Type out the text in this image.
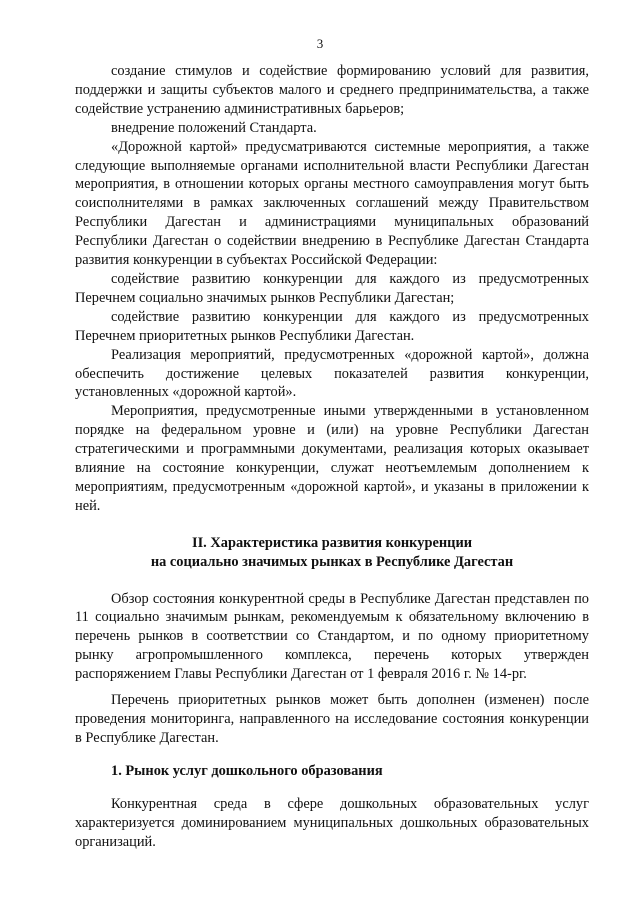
3

создание стимулов и содействие формированию условий для развития, поддержки и защиты субъектов малого и среднего предпринимательства, а также содействие устранению административных барьеров;

внедрение положений Стандарта.

«Дорожной картой» предусматриваются системные мероприятия, а также следующие выполняемые органами исполнительной власти Республики Дагестан мероприятия, в отношении которых органы местного самоуправления могут быть соисполнителями в рамках заключенных соглашений между Правительством Республики Дагестан и администрациями муниципальных образований Республики Дагестан о содействии внедрению в Республике Дагестан Стандарта развития конкуренции в субъектах Российской Федерации:

содействие развитию конкуренции для каждого из предусмотренных Перечнем социально значимых рынков Республики Дагестан;

содействие развитию конкуренции для каждого из предусмотренных Перечнем приоритетных рынков Республики Дагестан.

Реализация мероприятий, предусмотренных «дорожной картой», должна обеспечить достижение целевых показателей развития конкуренции, установленных «дорожной картой».

Мероприятия, предусмотренные иными утвержденными в установленном порядке на федеральном уровне и (или) на уровне Республики Дагестан стратегическими и программными документами, реализация которых оказывает влияние на состояние конкуренции, служат неотъемлемым дополнением к мероприятиям, предусмотренным «дорожной картой», и указаны в приложении к ней.

II. Характеристика развития конкуренции
на социально значимых рынках в Республике Дагестан

Обзор состояния конкурентной среды в Республике Дагестан представлен по 11 социально значимым рынкам, рекомендуемым к обязательному включению в перечень рынков в соответствии со Стандартом, и по одному приоритетному рынку агропромышленного комплекса, перечень которых утвержден распоряжением Главы Республики Дагестан от 1 февраля 2016 г. № 14-рг.

Перечень приоритетных рынков может быть дополнен (изменен) после проведения мониторинга, направленного на исследование состояния конкуренции в Республике Дагестан.

1. Рынок услуг дошкольного образования

Конкурентная среда в сфере дошкольных образовательных услуг характеризуется доминированием муниципальных дошкольных образовательных организаций.
